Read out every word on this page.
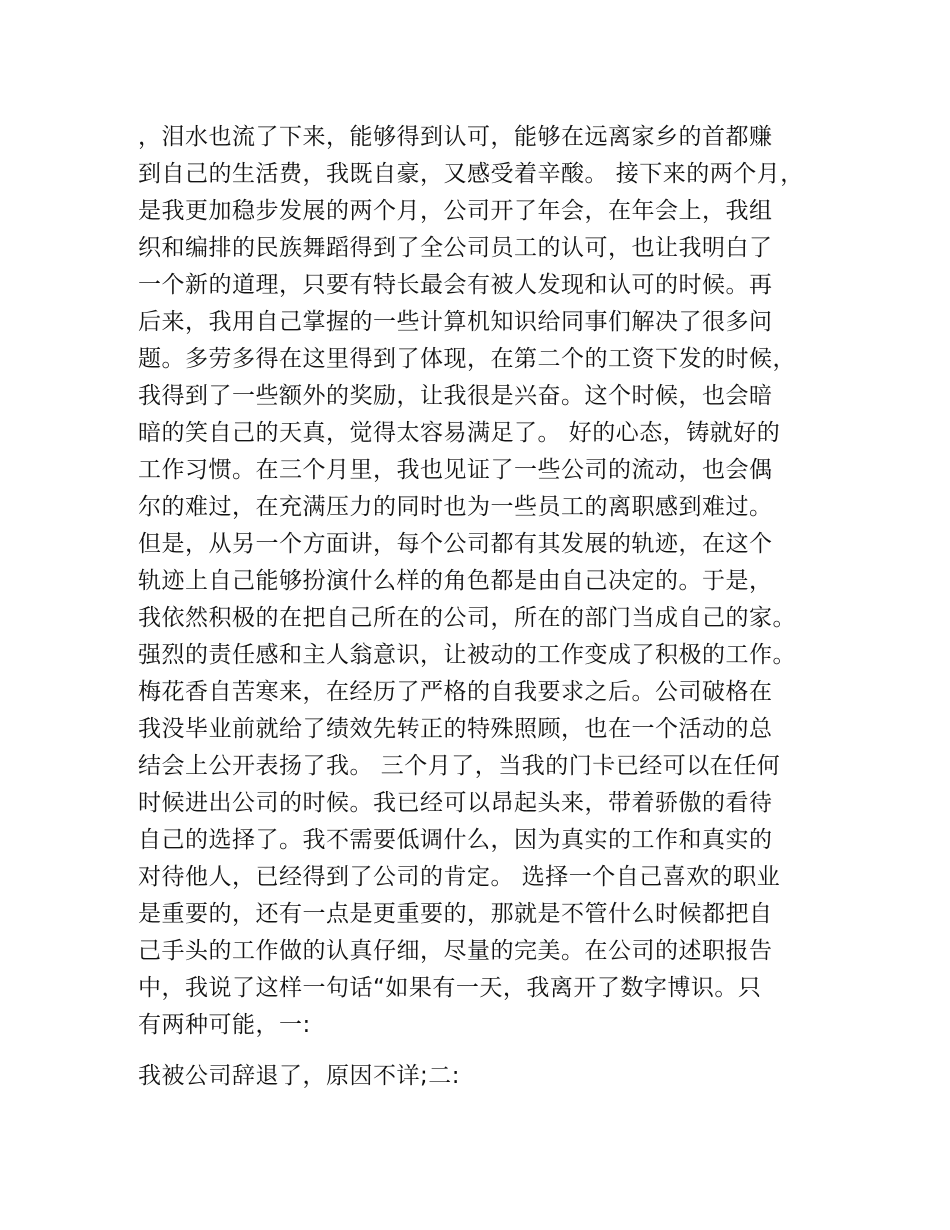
，泪水也流了下来，能够得到认可，能够在远离家乡的首都赚
到自己的生活费，我既自豪，又感受着辛酸。 接下来的两个月，
是我更加稳步发展的两个月，公司开了年会，在年会上，我组
织和编排的民族舞蹈得到了全公司员工的认可，也让我明白了
一个新的道理，只要有特长最会有被人发现和认可的时候。再
后来，我用自己掌握的一些计算机知识给同事们解决了很多问
题。多劳多得在这里得到了体现，在第二个的工资下发的时候，
我得到了一些额外的奖励，让我很是兴奋。这个时候，也会暗
暗的笑自己的天真，觉得太容易满足了。 好的心态，铸就好的
工作习惯。在三个月里，我也见证了一些公司的流动，也会偶
尔的难过，在充满压力的同时也为一些员工的离职感到难过。
但是，从另一个方面讲，每个公司都有其发展的轨迹，在这个
轨迹上自己能够扮演什么样的角色都是由自己决定的。于是，
我依然积极的在把自己所在的公司，所在的部门当成自己的家。
强烈的责任感和主人翁意识，让被动的工作变成了积极的工作。
梅花香自苦寒来，在经历了严格的自我要求之后。公司破格在
我没毕业前就给了绩效先转正的特殊照顾，也在一个活动的总
结会上公开表扬了我。 三个月了，当我的门卡已经可以在任何
时候进出公司的时候。我已经可以昂起头来，带着骄傲的看待
自己的选择了。我不需要低调什么，因为真实的工作和真实的
对待他人，已经得到了公司的肯定。 选择一个自己喜欢的职业
是重要的，还有一点是更重要的，那就是不管什么时候都把自
己手头的工作做的认真仔细，尽量的完美。在公司的述职报告
中，我说了这样一句话“如果有一天，我离开了数字博识。只
有两种可能，一:
我被公司辞退了，原因不详;二:
